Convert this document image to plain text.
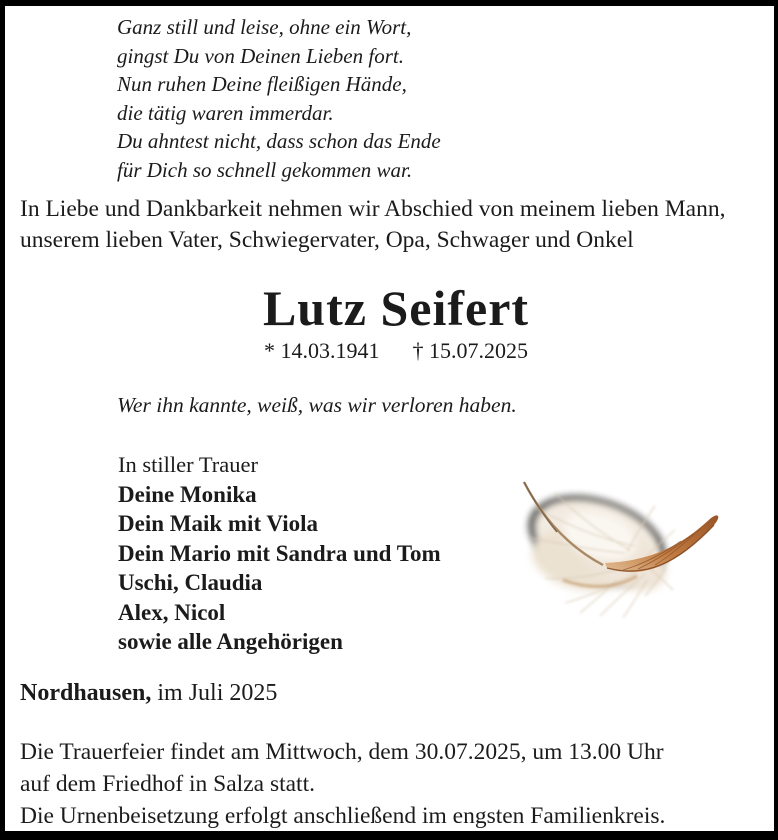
Ganz still und leise, ohne ein Wort,
gingst Du von Deinen Lieben fort.
Nun ruhen Deine fleißigen Hände,
die tätig waren immerdar.
Du ahntest nicht, dass schon das Ende
für Dich so schnell gekommen war.
In Liebe und Dankbarkeit nehmen wir Abschied von meinem lieben Mann,
unserem lieben Vater, Schwiegervater, Opa, Schwager und Onkel
Lutz Seifert
* 14.03.1941 † 15.07.2025
Wer ihn kannte, weiß, was wir verloren haben.
In stiller Trauer
Deine Monika
Dein Maik mit Viola
Dein Mario mit Sandra und Tom
Uschi, Claudia
Alex, Nicol
sowie alle Angehörigen
Nordhausen, im Juli 2025
Die Trauerfeier findet am Mittwoch, dem 30.07.2025, um 13.00 Uhr
auf dem Friedhof in Salza statt.
Die Urnenbeisetzung erfolgt anschließend im engsten Familienkreis.
